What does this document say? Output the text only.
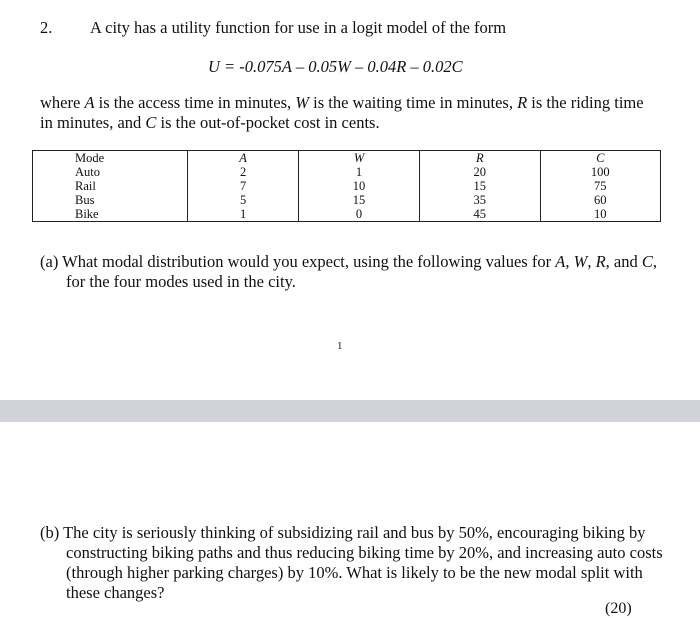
2. A city has a utility function for use in a logit model of the form
U = -0.075A – 0.05W – 0.04R – 0.02C
where A is the access time in minutes, W is the waiting time in minutes, R is the riding time in minutes, and C is the out-of-pocket cost in cents.
Mode	A	W	R	C
Auto	2	1	20	100
Rail	7	10	15	75
Bus	5	15	35	60
Bike	1	0	45	10
(a) What modal distribution would you expect, using the following values for A, W, R, and C, for the four modes used in the city.
1
(b) The city is seriously thinking of subsidizing rail and bus by 50%, encouraging biking by constructing biking paths and thus reducing biking time by 20%, and increasing auto costs (through higher parking charges) by 10%. What is likely to be the new modal split with these changes?
(20)
